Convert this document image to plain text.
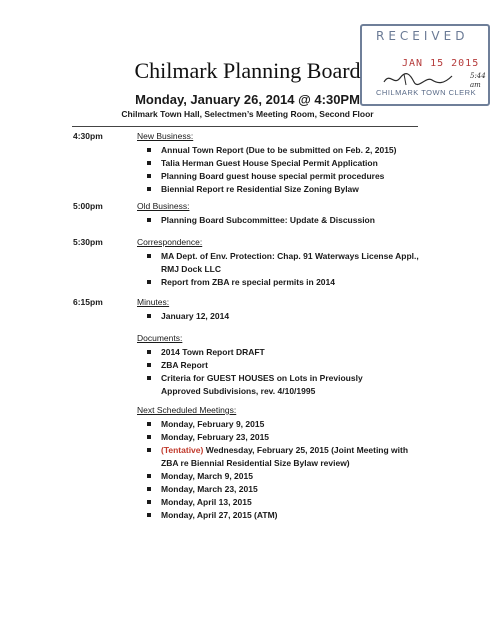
RECEIVED
JAN 15 2015
5:44 am
CHILMARK TOWN CLERK
Chilmark Planning Board
Monday, January 26, 2014 @ 4:30PM
Chilmark Town Hall, Selectmen’s Meeting Room, Second Floor
4:30pm	New Business:
Annual Town Report (Due to be submitted on Feb. 2, 2015)
Talia Herman Guest House Special Permit Application
Planning Board guest house special permit procedures
Biennial Report re Residential Size Zoning Bylaw
5:00pm	Old Business:
Planning Board Subcommittee: Update & Discussion
5:30pm	Correspondence:
MA Dept. of Env. Protection: Chap. 91 Waterways License Appl., RMJ Dock LLC
Report from ZBA re special permits in 2014
6:15pm	Minutes:
January 12, 2014
Documents:
2014 Town Report DRAFT
ZBA Report
Criteria for GUEST HOUSES on Lots in Previously Approved Subdivisions, rev. 4/10/1995
Next Scheduled Meetings:
Monday, February 9, 2015
Monday, February 23, 2015
(Tentative) Wednesday, February 25, 2015 (Joint Meeting with ZBA re Biennial Residential Size Bylaw review)
Monday, March 9, 2015
Monday, March 23, 2015
Monday, April 13, 2015
Monday, April 27, 2015 (ATM)
